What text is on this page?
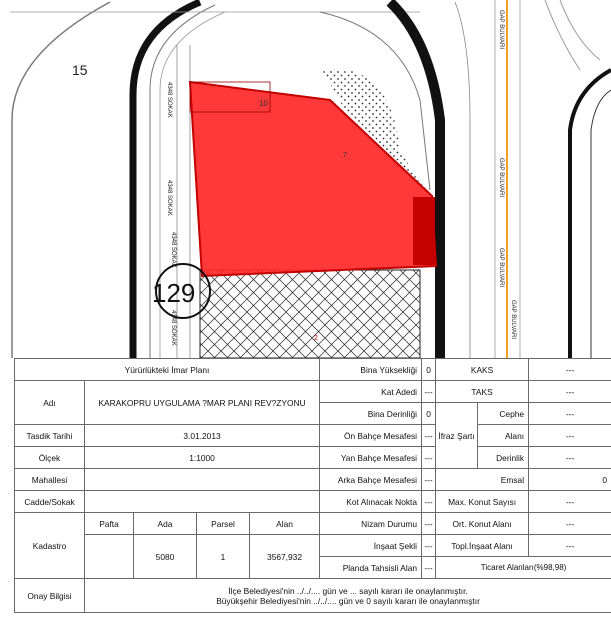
15
10
7
2
129
4348 SOKAK
4348 SOKAK
4348 SOKAK
4348 SOKAK
GAP BULVARI
GAP BULVARI
GAP BULVARI
GAP BULVARI
Yürürlükteki İmar Planı					Bina Yüksekliği	0	KAKS		---
Adı	KARAKOPRU UYGULAMA ?MAR PLANI REV?ZYONU				Kat Adedi	---	TAKS		---
					Bina Derinliği	0	İfraz Şartı	Cephe	---
Tasdik Tarihi	3.01.2013				Ön Bahçe Mesafesi	---		Alanı	---
Ölçek	1:1000				Yan Bahçe Mesafesi	---		Derinlik	---
Mahallesi					Arka Bahçe Mesafesi	---	Emsal		0
Cadde/Sokak					Kot Alınacak Nokta	---	Max. Konut Sayısı		---
Kadastro	Pafta	Ada	Parsel	Alan	Nizam Durumu	---	Ort. Konut Alanı		---
		5080	1	3567,932	İnşaat Şekli	---	Topl.İnşaat Alanı		---
					Planda Tahsisli Alan	---	Ticaret Alanları(%98,98)		
Onay Bilgisi	İlçe Belediyesi'nin ../../.... gün ve ... sayılı kararı ile onaylanmıştır.
Büyükşehir Belediyesi'nin ../../.... gün ve 0 sayılı kararı ile onaylanmıştır								
